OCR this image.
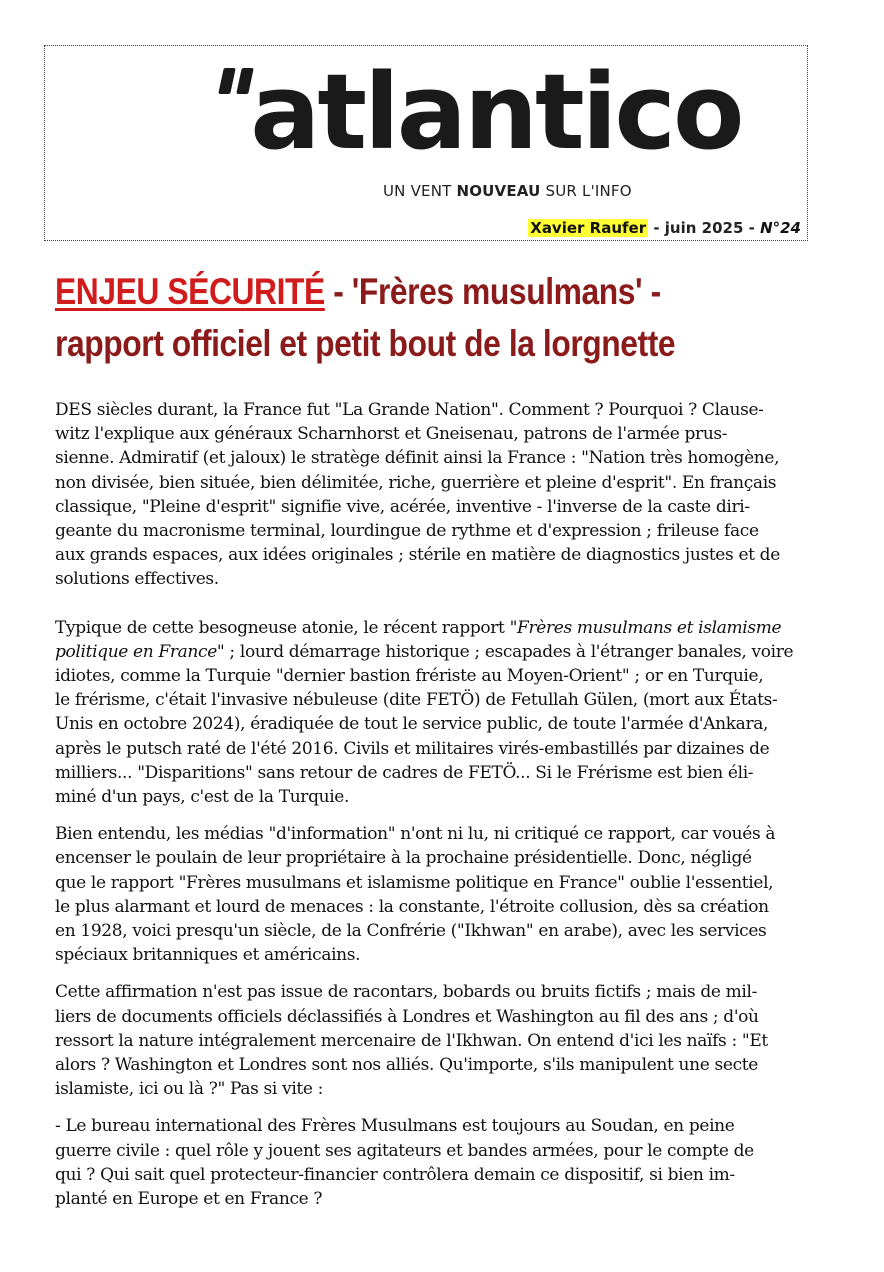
atlantico
UN VENT NOUVEAU SUR L'INFO
Xavier Raufer - juin 2025 - N°24
ENJEU SÉCURITÉ - 'Frères musulmans' -
rapport officiel et petit bout de la lorgnette

DES siècles durant, la France fut "La Grande Nation". Comment ? Pourquoi ? Clause-
witz l'explique aux généraux Scharnhorst et Gneisenau, patrons de l'armée prus-
sienne. Admiratif (et jaloux) le stratège définit ainsi la France : "Nation très homogène,
non divisée, bien située, bien délimitée, riche, guerrière et pleine d'esprit". En français
classique, "Pleine d'esprit" signifie vive, acérée, inventive - l'inverse de la caste diri-
geante du macronisme terminal, lourdingue de rythme et d'expression ; frileuse face
aux grands espaces, aux idées originales ; stérile en matière de diagnostics justes et de
solutions effectives.

Typique de cette besogneuse atonie, le récent rapport "Frères musulmans et islamisme
politique en France" ; lourd démarrage historique ; escapades à l'étranger banales, voire
idiotes, comme la Turquie "dernier bastion frériste au Moyen-Orient" ; or en Turquie,
le frérisme, c'était l'invasive nébuleuse (dite FETÖ) de Fetullah Gülen, (mort aux États-
Unis en octobre 2024), éradiquée de tout le service public, de toute l'armée d'Ankara,
après le putsch raté de l'été 2016. Civils et militaires virés-embastillés par dizaines de
milliers... "Disparitions" sans retour de cadres de FETÖ... Si le Frérisme est bien éli-
miné d'un pays, c'est de la Turquie.

Bien entendu, les médias "d'information" n'ont ni lu, ni critiqué ce rapport, car voués à
encenser le poulain de leur propriétaire à la prochaine présidentielle. Donc, négligé
que le rapport "Frères musulmans et islamisme politique en France" oublie l'essentiel,
le plus alarmant et lourd de menaces : la constante, l'étroite collusion, dès sa création
en 1928, voici presqu'un siècle, de la Confrérie ("Ikhwan" en arabe), avec les services
spéciaux britanniques et américains.

Cette affirmation n'est pas issue de racontars, bobards ou bruits fictifs ; mais de mil-
liers de documents officiels déclassifiés à Londres et Washington au fil des ans ; d'où
ressort la nature intégralement mercenaire de l'Ikhwan. On entend d'ici les naïfs : "Et
alors ? Washington et Londres sont nos alliés. Qu'importe, s'ils manipulent une secte
islamiste, ici ou là ?" Pas si vite :

- Le bureau international des Frères Musulmans est toujours au Soudan, en peine
guerre civile : quel rôle y jouent ses agitateurs et bandes armées, pour le compte de
qui ? Qui sait quel protecteur-financier contrôlera demain ce dispositif, si bien im-
planté en Europe et en France ?
